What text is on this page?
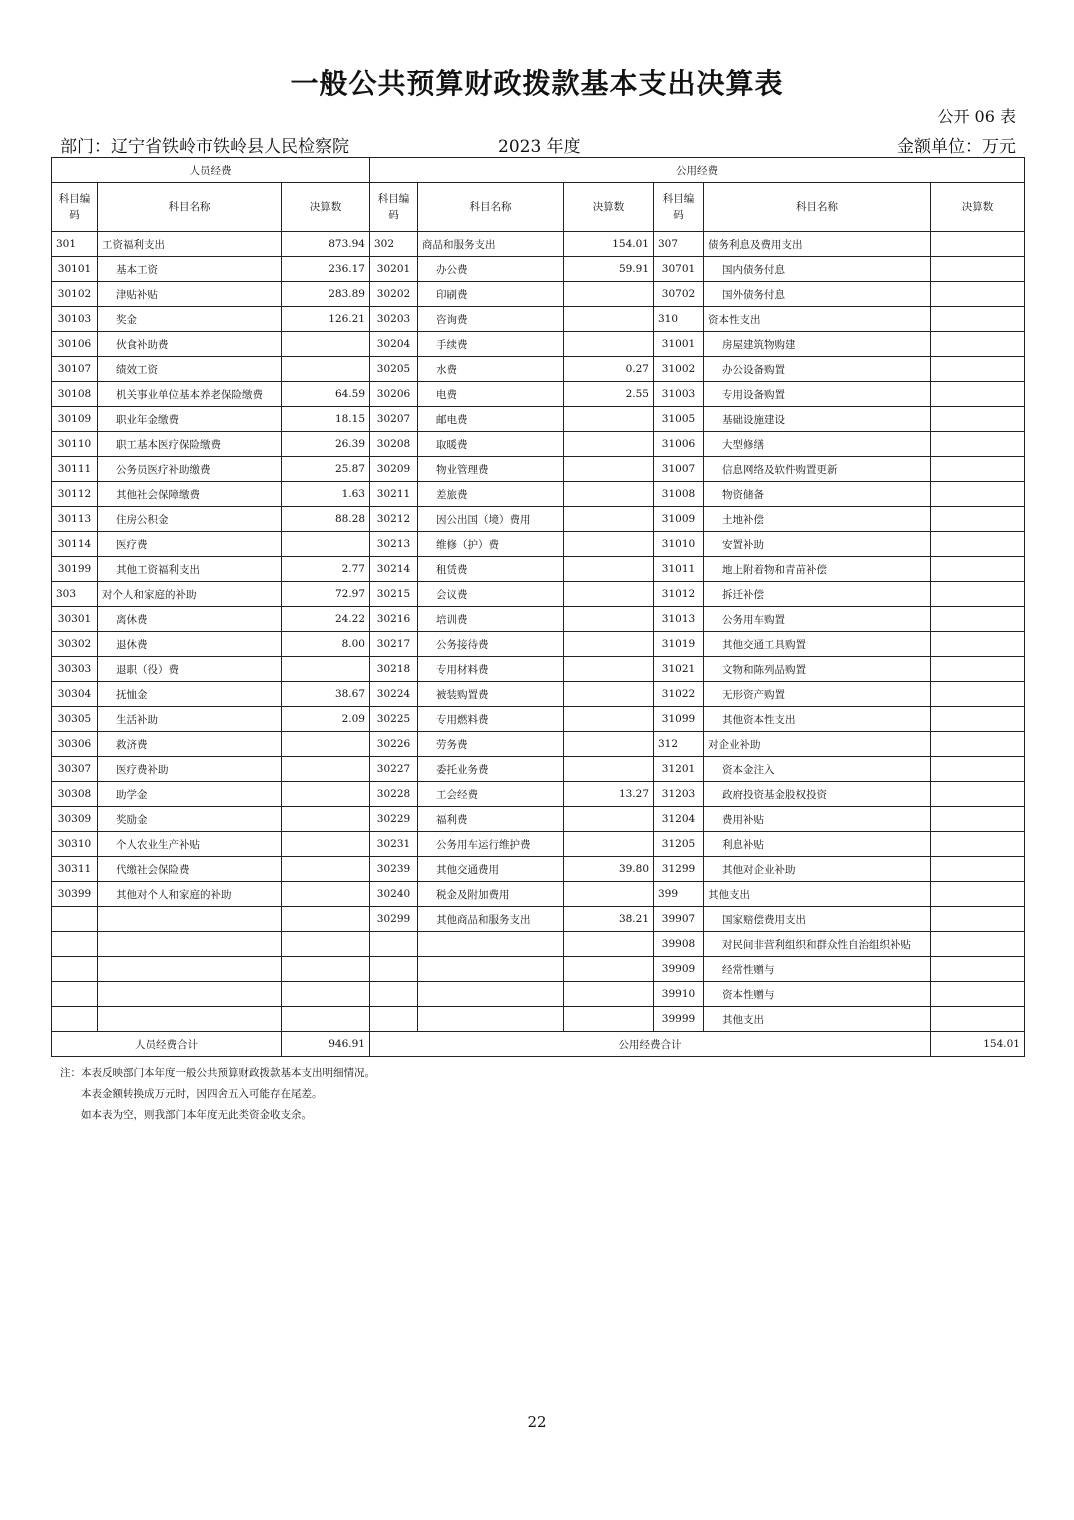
一般公共预算财政拨款基本支出决算表
公开 06 表
部门：辽宁省铁岭市铁岭县人民检察院	2023 年度	金额单位：万元
人员经费			公用经费					
科目编码	科目名称	决算数	科目编码	科目名称	决算数	科目编码	科目名称	决算数
301	工资福利支出	873.94	302	商品和服务支出	154.01	307	债务利息及费用支出	
30101	基本工资	236.17	30201	办公费	59.91	30701	国内债务付息	
30102	津贴补贴	283.89	30202	印刷费		30702	国外债务付息	
30103	奖金	126.21	30203	咨询费		310	资本性支出	
30106	伙食补助费		30204	手续费		31001	房屋建筑物购建	
30107	绩效工资		30205	水费	0.27	31002	办公设备购置	
30108	机关事业单位基本养老保险缴费	64.59	30206	电费	2.55	31003	专用设备购置	
30109	职业年金缴费	18.15	30207	邮电费		31005	基础设施建设	
30110	职工基本医疗保险缴费	26.39	30208	取暖费		31006	大型修缮	
30111	公务员医疗补助缴费	25.87	30209	物业管理费		31007	信息网络及软件购置更新	
30112	其他社会保障缴费	1.63	30211	差旅费		31008	物资储备	
30113	住房公积金	88.28	30212	因公出国（境）费用		31009	土地补偿	
30114	医疗费		30213	维修（护）费		31010	安置补助	
30199	其他工资福利支出	2.77	30214	租赁费		31011	地上附着物和青苗补偿	
303	对个人和家庭的补助	72.97	30215	会议费		31012	拆迁补偿	
30301	离休费	24.22	30216	培训费		31013	公务用车购置	
30302	退休费	8.00	30217	公务接待费		31019	其他交通工具购置	
30303	退职（役）费		30218	专用材料费		31021	文物和陈列品购置	
30304	抚恤金	38.67	30224	被装购置费		31022	无形资产购置	
30305	生活补助	2.09	30225	专用燃料费		31099	其他资本性支出	
30306	救济费		30226	劳务费		312	对企业补助	
30307	医疗费补助		30227	委托业务费		31201	资本金注入	
30308	助学金		30228	工会经费	13.27	31203	政府投资基金股权投资	
30309	奖励金		30229	福利费		31204	费用补贴	
30310	个人农业生产补贴		30231	公务用车运行维护费		31205	利息补贴	
30311	代缴社会保险费		30239	其他交通费用	39.80	31299	其他对企业补助	
30399	其他对个人和家庭的补助		30240	税金及附加费用		399	其他支出	
			30299	其他商品和服务支出	38.21	39907	国家赔偿费用支出	
						39908	对民间非营利组织和群众性自治组织补贴	
						39909	经常性赠与	
						39910	资本性赠与	
						39999	其他支出	
人员经费合计		946.91	公用经费合计					154.01
注：本表反映部门本年度一般公共预算财政拨款基本支出明细情况。
本表金额转换成万元时，因四舍五入可能存在尾差。
如本表为空，则我部门本年度无此类资金收支余。
22
